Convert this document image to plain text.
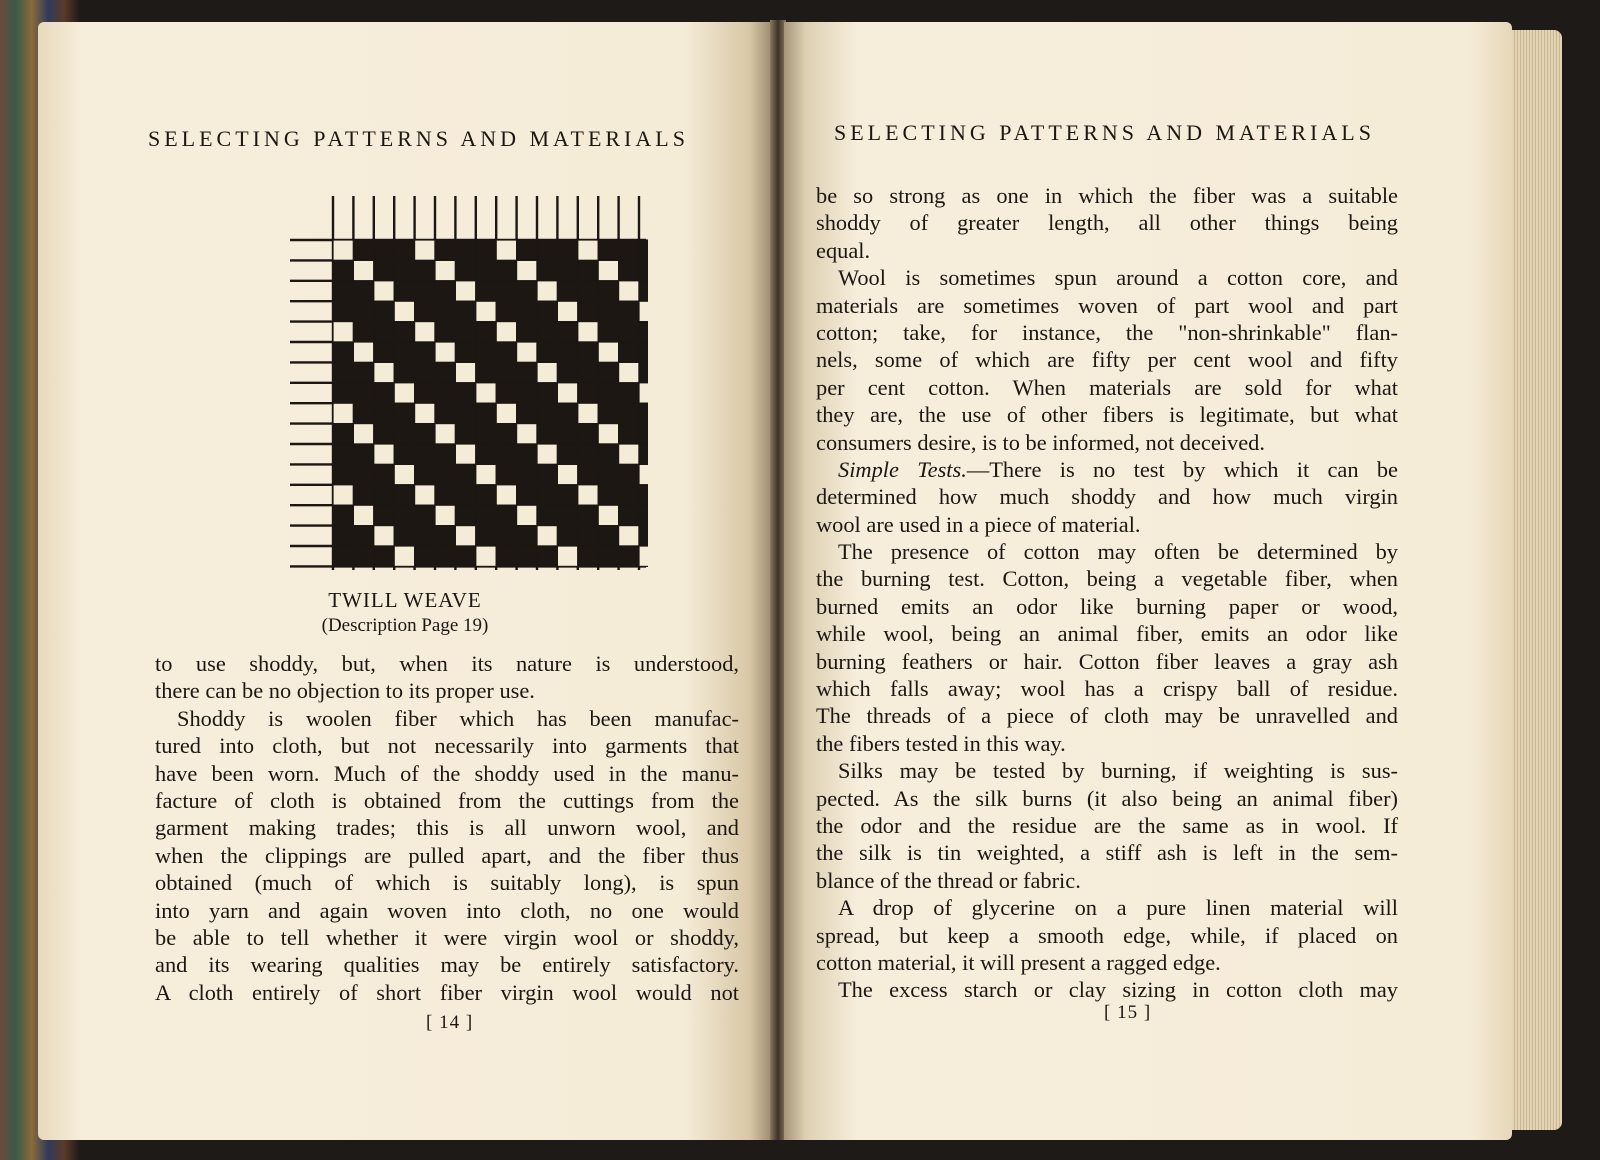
SELECTING PATTERNS AND MATERIALS
TWILL WEAVE
(Description Page 19)
to use shoddy, but, when its nature is understood,
there can be no objection to its proper use.
Shoddy is woolen fiber which has been manufac-
tured into cloth, but not necessarily into garments that
have been worn. Much of the shoddy used in the manu-
facture of cloth is obtained from the cuttings from the
garment making trades; this is all unworn wool, and
when the clippings are pulled apart, and the fiber thus
obtained (much of which is suitably long), is spun
into yarn and again woven into cloth, no one would
be able to tell whether it were virgin wool or shoddy,
and its wearing qualities may be entirely satisfactory.
A cloth entirely of short fiber virgin wool would not
[ 14 ]
SELECTING PATTERNS AND MATERIALS
be so strong as one in which the fiber was a suitable
shoddy of greater length, all other things being
equal.
Wool is sometimes spun around a cotton core, and
materials are sometimes woven of part wool and part
cotton; take, for instance, the "non-shrinkable" flan-
nels, some of which are fifty per cent wool and fifty
per cent cotton. When materials are sold for what
they are, the use of other fibers is legitimate, but what
consumers desire, is to be informed, not deceived.
Simple Tests.—There is no test by which it can be
determined how much shoddy and how much virgin
wool are used in a piece of material.
The presence of cotton may often be determined by
the burning test. Cotton, being a vegetable fiber, when
burned emits an odor like burning paper or wood,
while wool, being an animal fiber, emits an odor like
burning feathers or hair. Cotton fiber leaves a gray ash
which falls away; wool has a crispy ball of residue.
The threads of a piece of cloth may be unravelled and
the fibers tested in this way.
Silks may be tested by burning, if weighting is sus-
pected. As the silk burns (it also being an animal fiber)
the odor and the residue are the same as in wool. If
the silk is tin weighted, a stiff ash is left in the sem-
blance of the thread or fabric.
A drop of glycerine on a pure linen material will
spread, but keep a smooth edge, while, if placed on
cotton material, it will present a ragged edge.
The excess starch or clay sizing in cotton cloth may
[ 15 ]
